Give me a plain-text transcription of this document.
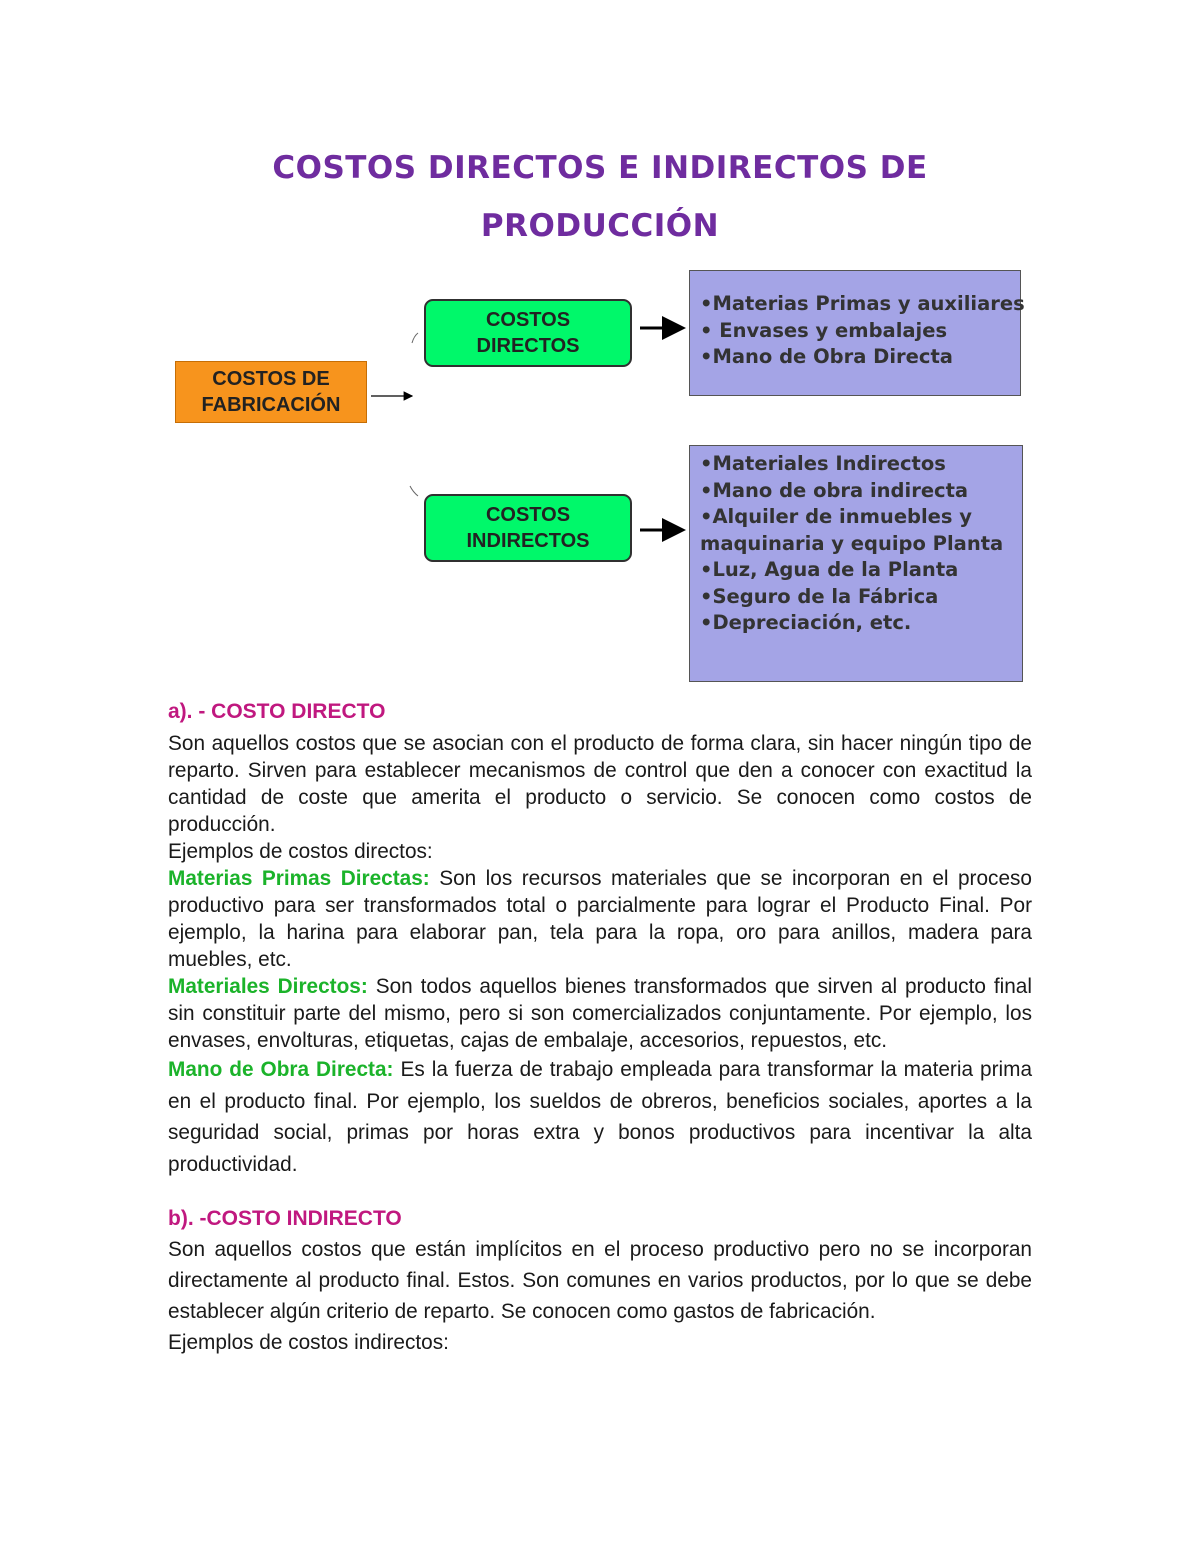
COSTOS DIRECTOS E INDIRECTOS DE
PRODUCCIÓN
COSTOS DE
FABRICACIÓN
COSTOS
DIRECTOS
COSTOS
INDIRECTOS
•Materias Primas y auxiliares
• Envases y embalajes
•Mano de Obra Directa
•Materiales Indirectos
•Mano de obra indirecta
•Alquiler de inmuebles y
maquinaria y equipo Planta
•Luz, Agua de la Planta
•Seguro de la Fábrica
•Depreciación, etc.

a). - COSTO DIRECTO

Son aquellos costos que se asocian con el producto de forma clara, sin hacer ningún tipo de reparto. Sirven para establecer mecanismos de control que den a conocer con exactitud la cantidad de coste que amerita el producto o servicio. Se conocen como costos de producción.

Ejemplos de costos directos:

Materias Primas Directas: Son los recursos materiales que se incorporan en el proceso productivo para ser transformados total o parcialmente para lograr el Producto Final. Por ejemplo, la harina para elaborar pan, tela para la ropa, oro para anillos, madera para muebles, etc.

Materiales Directos: Son todos aquellos bienes transformados que sirven al producto final sin constituir parte del mismo, pero si son comercializados conjuntamente. Por ejemplo, los envases, envolturas, etiquetas, cajas de embalaje, accesorios, repuestos, etc.

Mano de Obra Directa: Es la fuerza de trabajo empleada para transformar la materia prima en el producto final. Por ejemplo, los sueldos de obreros, beneficios sociales, aportes a la seguridad social, primas por horas extra y bonos productivos para incentivar la alta productividad.

b). -COSTO INDIRECTO

Son aquellos costos que están implícitos en el proceso productivo pero no se incorporan directamente al producto final. Estos. Son comunes en varios productos, por lo que se debe establecer algún criterio de reparto. Se conocen como gastos de fabricación.

Ejemplos de costos indirectos:
